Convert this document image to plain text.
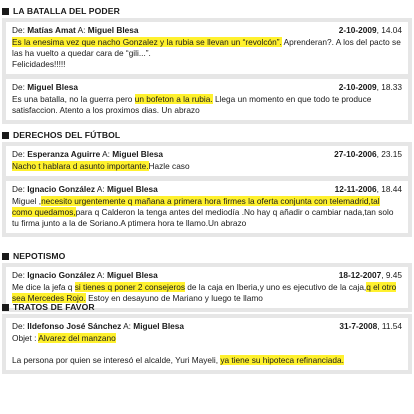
LA BATALLA DEL PODER
De: Matías Amat A: Miguel Blesa	2-10-2009, 14.04
Es la enesima vez que nacho Gonzalez y la rubia se llevan un “revolcón”. Aprenderan?. A los del pacto se
las ha vuelto a quedar cara de “gili...”.
Felicidades!!!!!
De: Miguel Blesa	2-10-2009, 18.33
Es una batalla, no la guerra pero un bofeton a la rubia. Llega un momento en que todo te produce
satisfaccion. Atento a los proximos dias. Un abrazo
DERECHOS DEL FÚTBOL
De: Esperanza Aguirre A: Miguel Blesa	27-10-2006, 23.15
Nacho t hablara d asunto importante.Hazle caso
De: Ignacio González A: Miguel Blesa	12-11-2006, 18.44
Miguel ,necesito urgentemente q mañana a primera hora firmes la oferta conjunta con telemadrid,tal
como quedamos,para q Calderon la tenga antes del mediodía .No hay q añadir o cambiar nada,tan solo
tu firma junto a la de Soriano.A ptimera hora te llamo.Un abrazo
NEPOTISMO
De: Ignacio González A: Miguel Blesa	18-12-2007, 9.45
Me dice la jefa q si tienes q poner 2 consejeros de la caja en Iberia,y uno es ejecutivo de la caja,q el otro
sea Mercedes Rojo. Estoy en desayuno de Mariano y luego te llamo
TRATOS DE FAVOR
De: Ildefonso José Sánchez A: Miguel Blesa	31-7-2008, 11.54
Objet : Alvarez del manzano
La persona por quien se interesó el alcalde, Yuri Mayeli, ya tiene su hipoteca refinanciada.
